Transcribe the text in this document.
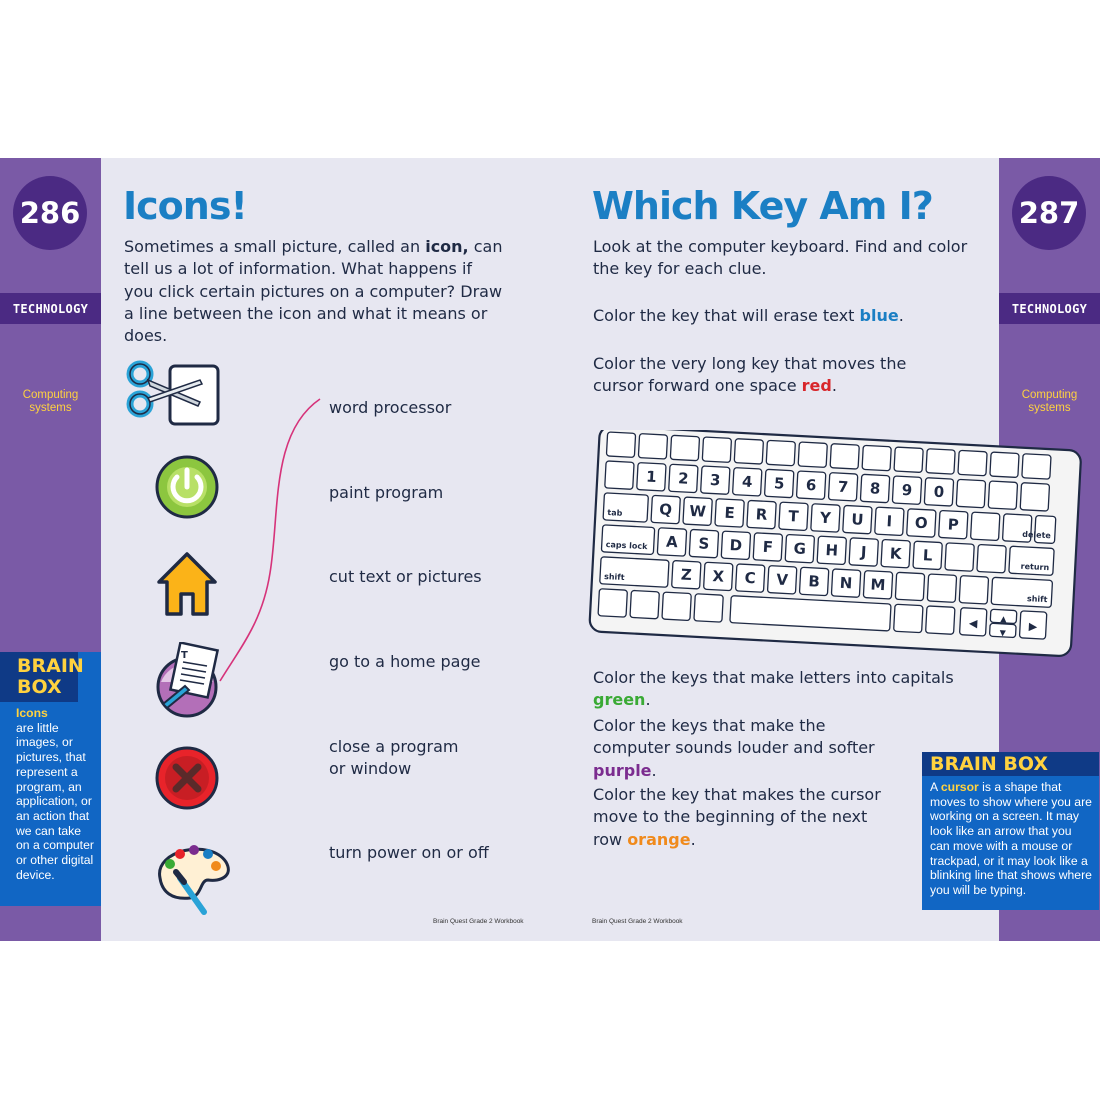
286
TECHNOLOGY
Computing
systems
BRAIN BOX
Icons
are little images, or pictures, that represent a program, an application, or an action that we can take on a computer or other digital device.
287
TECHNOLOGY
Computing
systems
BRAIN BOX
A cursor is a shape that moves to show where you are working on a screen. It may look like an arrow that you can move with a mouse or trackpad, or it may look like a blinking line that shows where you will be typing.
Icons!
Sometimes a small picture, called an icon, can tell us a lot of information. What happens if you click certain pictures on a computer? Draw a line between the icon and what it means or does.
T
word processor
paint program
cut text or pictures
go to a home page
close a program
or window
turn power on or off
Brain Quest Grade 2 Workbook
Which Key Am I?
Look at the computer keyboard. Find and color the key for each clue.
Color the key that will erase text blue.
Color the very long key that moves the cursor forward one space red.
Color the keys that make letters into capitals green.
Color the keys that make the computer sounds louder and softer purple.
Color the key that makes the cursor move to the beginning of the next row orange.
Brain Quest Grade 2 Workbook
1 2 3 4 5 6 7 8 9 0
tab Q W E R T Y U I O P
delete
caps lock A S D F G H J K L
return
shift	Z X C V B N M
shift
◀	▲
▼ ▶
